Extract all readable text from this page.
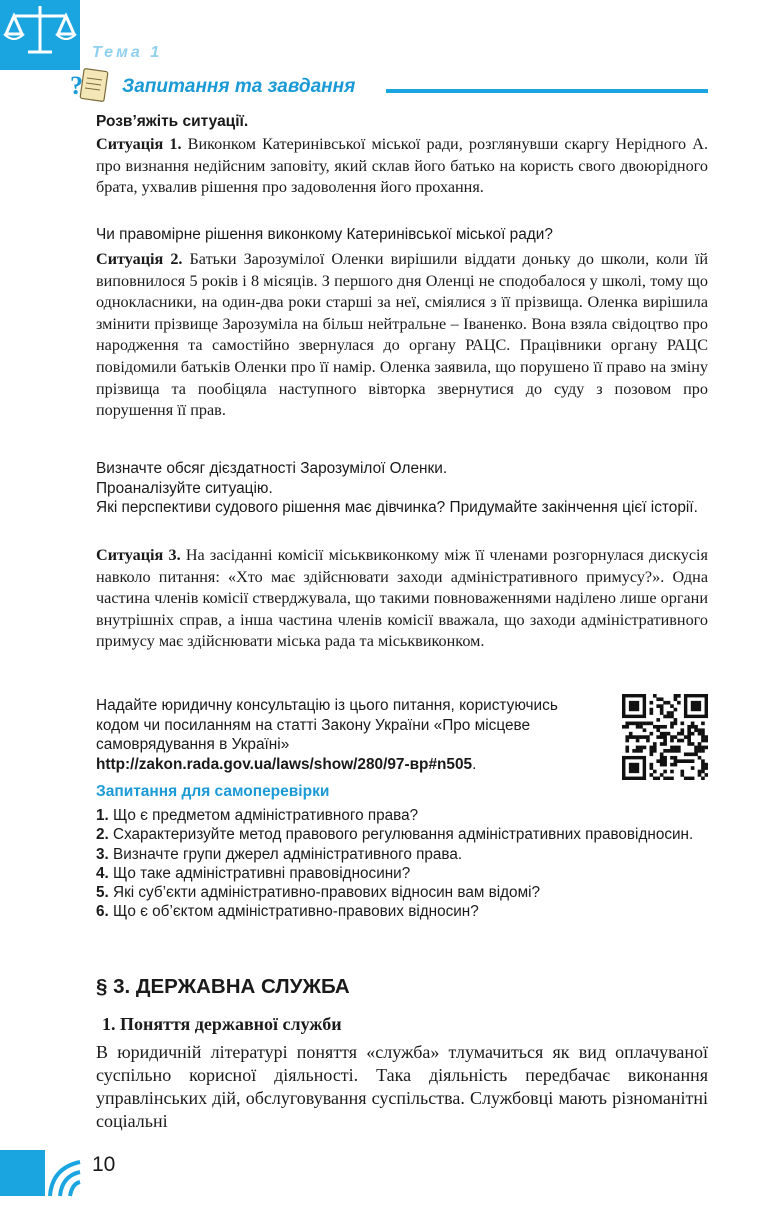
Тема 1
? Запитання та завдання
Розв’яжіть ситуації.
Ситуація 1. Виконком Катеринівської міської ради, розглянувши скаргу Нерідного А. про визнання недійсним заповіту, який склав його батько на користь свого двоюрідного брата, ухвалив рішення про задоволення його прохання.
Чи правомірне рішення виконкому Катеринівської міської ради?
Ситуація 2. Батьки Зарозумілої Оленки вирішили віддати доньку до школи, коли їй виповнилося 5 років і 8 місяців. З першого дня Оленці не сподобалося у школі, тому що однокласники, на один-два роки старші за неї, сміялися з її прізвища. Оленка вирішила змінити прізвище Зарозуміла на більш нейтральне – Іваненко. Вона взяла свідоцтво про народження та самостійно звернулася до органу РАЦС. Працівники органу РАЦС повідомили батьків Оленки про її намір. Оленка заявила, що порушено її право на зміну прізвища та пообіцяла наступного вівторка звернутися до суду з позовом про порушення її прав.
Визначте обсяг дієздатності Зарозумілої Оленки.
Проаналізуйте ситуацію.
Які перспективи судового рішення має дівчинка? Придумайте закінчення цієї історії.
Ситуація 3. На засіданні комісії міськвиконкому між її членами розгорнулася дискусія навколо питання: «Хто має здійснювати заходи адміністративного примусу?». Одна частина членів комісії стверджувала, що такими повноваженнями наділено лише органи внутрішніх справ, а інша частина членів комісії вважала, що заходи адміністративного примусу має здійснювати міська рада та міськвиконком.
Надайте юридичну консультацію із цього питання, користуючись кодом чи посиланням на статті Закону України «Про місцеве самоврядування в Україні» http://zakon.rada.gov.ua/laws/show/280/97-вр#n505.
Запитання для самоперевірки
1. Що є предметом адміністративного права?
2. Схарактеризуйте метод правового регулювання адміністративних правовідносин.
3. Визначте групи джерел адміністративного права.
4. Що таке адміністративні правовідносини?
5. Які суб’єкти адміністративно-правових відносин вам відомі?
6. Що є об’єктом адміністративно-правових відносин?
§ 3. ДЕРЖАВНА СЛУЖБА
1. Поняття державної служби
В юридичній літературі поняття «служба» тлумачиться як вид оплачуваної суспільно корисної діяльності. Така діяльність передбачає виконання управлінських дій, обслуговування суспільства. Службовці мають різноманітні соціальні
10
